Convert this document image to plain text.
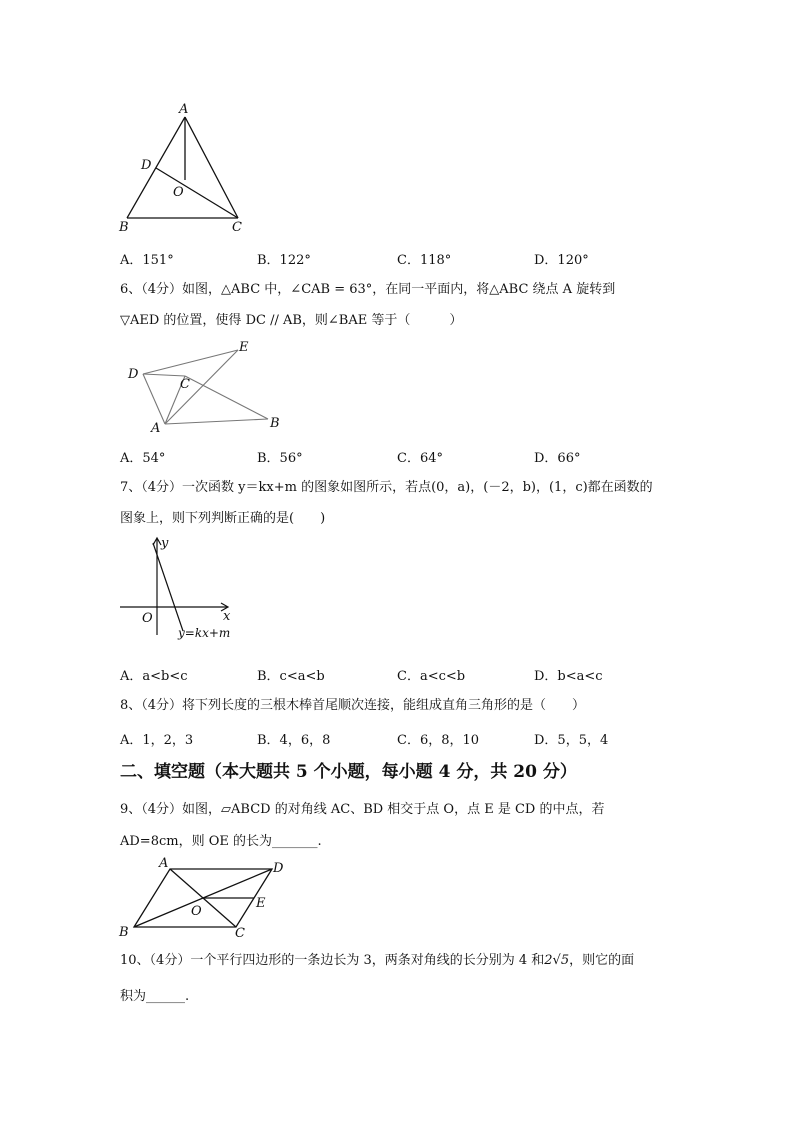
A
D
O
B	C
A．151°	B．122°	C．118°	D．120°
6、（4分）如图，△ABC 中，∠CAB = 63°，在同一平面内，将△ABC 绕点 A 旋转到
▽AED 的位置，使得 DC // AB，则∠BAE 等于（　　　）
D
E
C
A	B
A．54°	B．56°	C．64°	D．66°
7、（4分）一次函数 y＝kx+m 的图象如图所示，若点(0，a)，(－2，b)，(1，c)都在函数的
图象上，则下列判断正确的是(　　)
y
x
O
y=kx+m
A．a<b<c	B．c<a<b	C．a<c<b	D．b<a<c
8、（4分）将下列长度的三根木棒首尾顺次连接，能组成直角三角形的是（　　）
A．1，2，3	B．4，6，8	C．6，8，10	D．5，5，4
二、填空题（本大题共 5 个小题，每小题 4 分，共 20 分）
9、（4分）如图，▱ABCD 的对角线 AC、BD 相交于点 O，点 E 是 CD 的中点，若
AD=8cm，则 OE 的长为_______.
A	D
O
E
B	C
10、（4分）一个平行四边形的一条边长为 3，两条对角线的长分别为 4 和2√5，则它的面
积为______.
